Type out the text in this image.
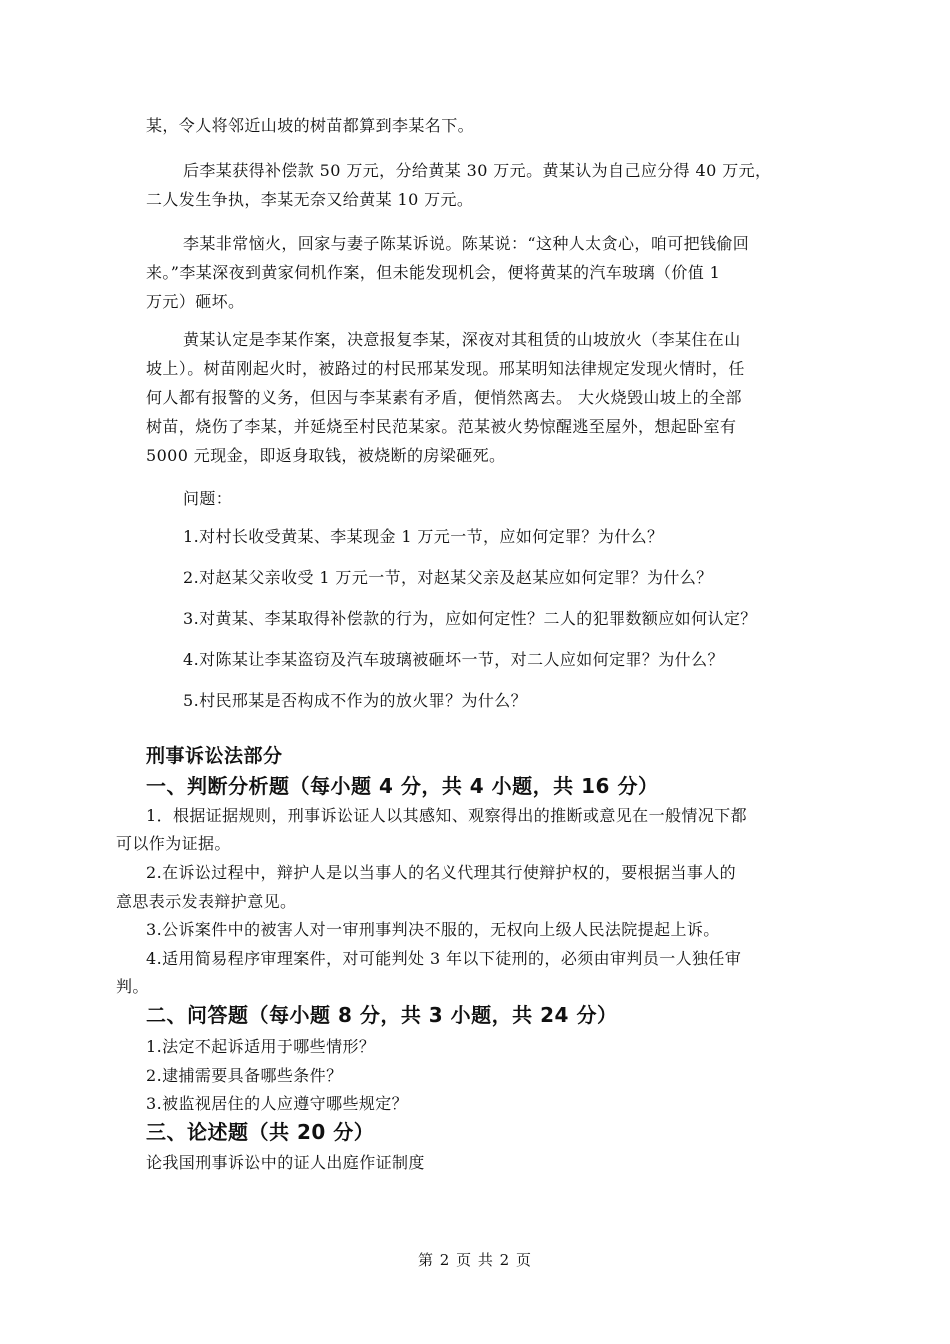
某，令人将邻近山坡的树苗都算到李某名下。
后李某获得补偿款 50 万元，分给黄某 30 万元。黄某认为自己应分得 40 万元，
二人发生争执，李某无奈又给黄某 10 万元。
李某非常恼火，回家与妻子陈某诉说。陈某说：“这种人太贪心，咱可把钱偷回
来。”李某深夜到黄家伺机作案，但未能发现机会，便将黄某的汽车玻璃（价值 1
万元）砸坏。
黄某认定是李某作案，决意报复李某，深夜对其租赁的山坡放火（李某住在山
坡上）。树苗刚起火时，被路过的村民邢某发现。邢某明知法律规定发现火情时，任
何人都有报警的义务，但因与李某素有矛盾，便悄然离去。 大火烧毁山坡上的全部
树苗，烧伤了李某，并延烧至村民范某家。范某被火势惊醒逃至屋外，想起卧室有
5000 元现金，即返身取钱，被烧断的房梁砸死。
问题：
1.对村长收受黄某、李某现金 1 万元一节，应如何定罪？为什么？
2.对赵某父亲收受 1 万元一节，对赵某父亲及赵某应如何定罪？为什么？
3.对黄某、李某取得补偿款的行为，应如何定性？二人的犯罪数额应如何认定？
4.对陈某让李某盗窃及汽车玻璃被砸坏一节，对二人应如何定罪？为什么？
5.村民邢某是否构成不作为的放火罪？为什么？
刑事诉讼法部分
一、判断分析题（每小题 4 分，共 4 小题，共 16 分）
1．根据证据规则，刑事诉讼证人以其感知、观察得出的推断或意见在一般情况下都
可以作为证据。
2.在诉讼过程中，辩护人是以当事人的名义代理其行使辩护权的，要根据当事人的
意思表示发表辩护意见。
3.公诉案件中的被害人对一审刑事判决不服的，无权向上级人民法院提起上诉。
4.适用简易程序审理案件，对可能判处 3 年以下徒刑的，必须由审判员一人独任审
判。
二、问答题（每小题 8 分，共 3 小题，共 24 分）
1.法定不起诉适用于哪些情形？
2.逮捕需要具备哪些条件？
3.被监视居住的人应遵守哪些规定？
三、论述题（共 20 分）
论我国刑事诉讼中的证人出庭作证制度
第 2 页 共 2 页
